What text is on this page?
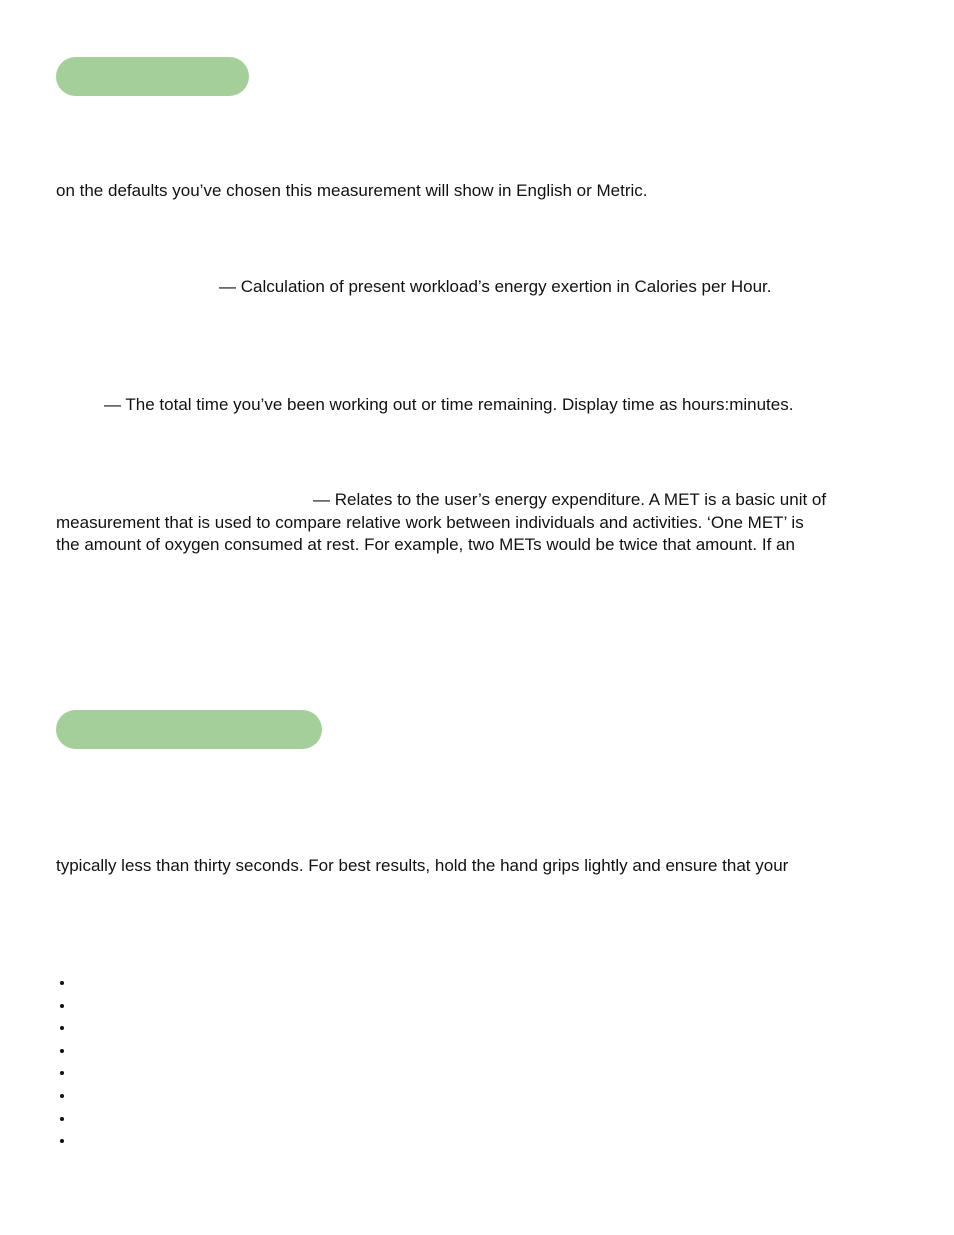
on the defaults you’ve chosen this measurement will show in English or Metric.

— Calculation of present workload’s energy exertion in Calories per Hour.

— The total time you’ve been working out or time remaining. Display time as hours:minutes.

— Relates to the user’s energy expenditure. A MET is a basic unit of

measurement that is used to compare relative work between individuals and activities. ‘One MET’ is

the amount of oxygen consumed at rest. For example, two METs would be twice that amount. If an

typically less than thirty seconds. For best results, hold the hand grips lightly and ensure that your
